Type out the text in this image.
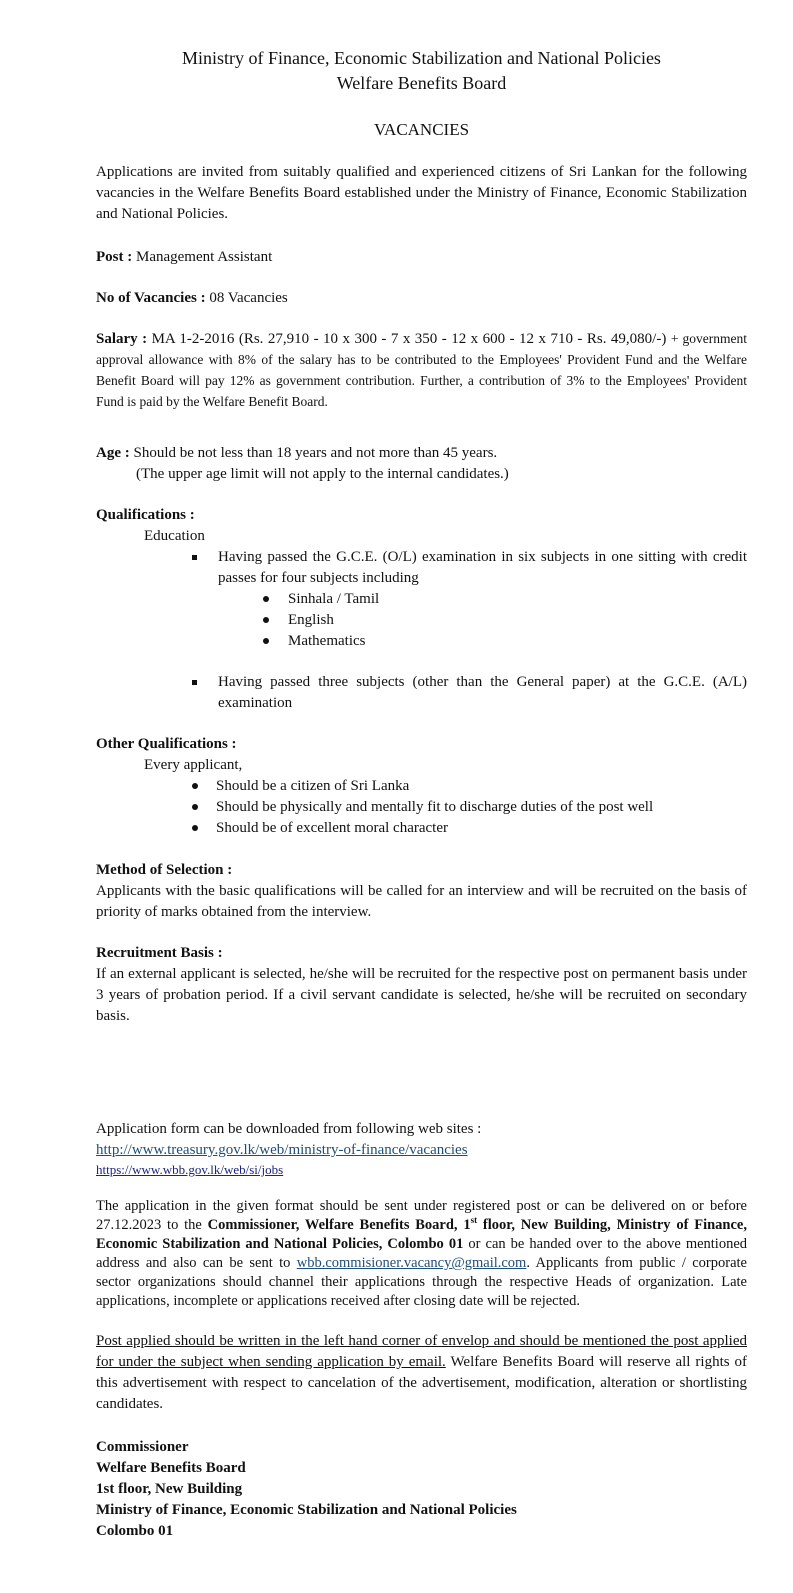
Ministry of Finance, Economic Stabilization and National Policies
Welfare Benefits Board
VACANCIES

Applications are invited from suitably qualified and experienced citizens of Sri Lankan for the following vacancies in the Welfare Benefits Board established under the Ministry of Finance, Economic Stabilization and National Policies.

Post : Management Assistant

No of Vacancies : 08 Vacancies

Salary : MA 1-2-2016 (Rs. 27,910 - 10 x 300 - 7 x 350 - 12 x 600 - 12 x 710 - Rs. 49,080/-) + government approval allowance with 8% of the salary has to be contributed to the Employees' Provident Fund and the Welfare Benefit Board will pay 12% as government contribution. Further, a contribution of 3% to the Employees' Provident Fund is paid by the Welfare Benefit Board.

Age : Should be not less than 18 years and not more than 45 years.

(The upper age limit will not apply to the internal candidates.)

Qualifications :

Education

Having passed the G.C.E. (O/L) examination in six subjects in one sitting with credit passes for four subjects including
Sinhala / Tamil
English
Mathematics
Having passed three subjects (other than the General paper) at the G.C.E. (A/L) examination

Other Qualifications :

Every applicant,

Should be a citizen of Sri Lanka
Should be physically and mentally fit to discharge duties of the post well
Should be of excellent moral character

Method of Selection :

Applicants with the basic qualifications will be called for an interview and will be recruited on the basis of priority of marks obtained from the interview.

Recruitment Basis :

If an external applicant is selected, he/she will be recruited for the respective post on permanent basis under 3 years of probation period. If a civil servant candidate is selected, he/she will be recruited on secondary basis.

Application form can be downloaded from following web sites :

http://www.treasury.gov.lk/web/ministry-of-finance/vacancies

https://www.wbb.gov.lk/web/si/jobs

The application in the given format should be sent under registered post or can be delivered on or before 27.12.2023 to the Commissioner, Welfare Benefits Board, 1st floor, New Building, Ministry of Finance, Economic Stabilization and National Policies, Colombo 01 or can be handed over to the above mentioned address and also can be sent to wbb.commisioner.vacancy@gmail.com. Applicants from public / corporate sector organizations should channel their applications through the respective Heads of organization. Late applications, incomplete or applications received after closing date will be rejected.

Post applied should be written in the left hand corner of envelop and should be mentioned the post applied for under the subject when sending application by email. Welfare Benefits Board will reserve all rights of this advertisement with respect to cancelation of the advertisement, modification, alteration or shortlisting candidates.

Commissioner
Welfare Benefits Board
1st floor, New Building
Ministry of Finance, Economic Stabilization and National Policies
Colombo 01
